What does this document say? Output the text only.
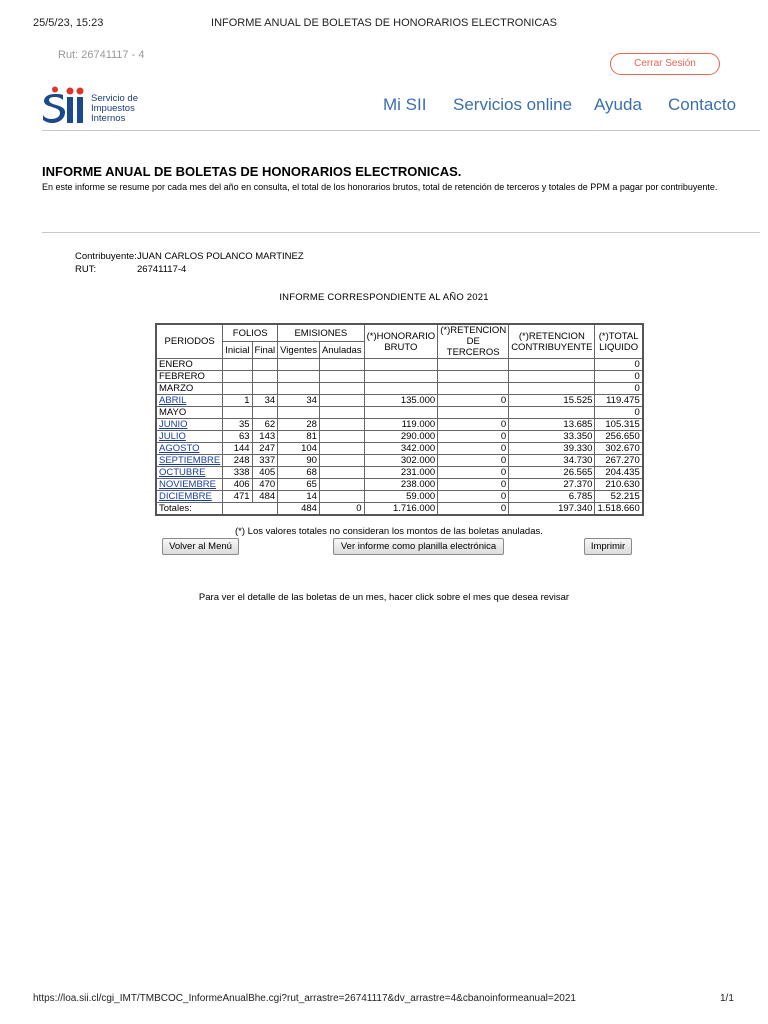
25/5/23, 15:23	INFORME ANUAL DE BOLETAS DE HONORARIOS ELECTRONICAS
Rut: 26741117 - 4
Cerrar Sesión
Servicio de
Impuestos
Internos
Mi SII Servicios online Ayuda Contacto
INFORME ANUAL DE BOLETAS DE HONORARIOS ELECTRONICAS.
En este informe se resume por cada mes del año en consulta, el total de los honorarios brutos, total de retención de terceros y totales de PPM a pagar por contribuyente.
Contribuyente:JUAN CARLOS POLANCO MARTINEZ
RUT:	26741117-4
INFORME CORRESPONDIENTE AL AÑO 2021
PERIODOS	FOLIOS		EMISIONES		(*)HONORARIO BRUTO	(*)RETENCION DE TERCEROS	(*)RETENCION CONTRIBUYENTE	(*)TOTAL LIQUIDO
	Inicial	Final	Vigentes	Anuladas				
ENERO								0
FEBRERO								0
MARZO								0
ABRIL	1	34	34		135.000	0	15.525	119.475
MAYO								0
JUNIO	35	62	28		119.000	0	13.685	105.315
JULIO	63	143	81		290.000	0	33.350	256.650
AGOSTO	144	247	104		342.000	0	39.330	302.670
SEPTIEMBRE	248	337	90		302.000	0	34.730	267.270
OCTUBRE	338	405	68		231.000	0	26.565	204.435
NOVIEMBRE	406	470	65		238.000	0	27.370	210.630
DICIEMBRE	471	484	14		59.000	0	6.785	52.215
Totales:			484	0	1.716.000	0	197.340	1.518.660
(*) Los valores totales no consideran los montos de las boletas anuladas.
Volver al Menú	Ver informe como planilla electrónica	Imprimir
Para ver el detalle de las boletas de un mes, hacer click sobre el mes que desea revisar
https://loa.sii.cl/cgi_IMT/TMBCOC_InformeAnualBhe.cgi?rut_arrastre=26741117&dv_arrastre=4&cbanoinformeanual=2021	1/1
